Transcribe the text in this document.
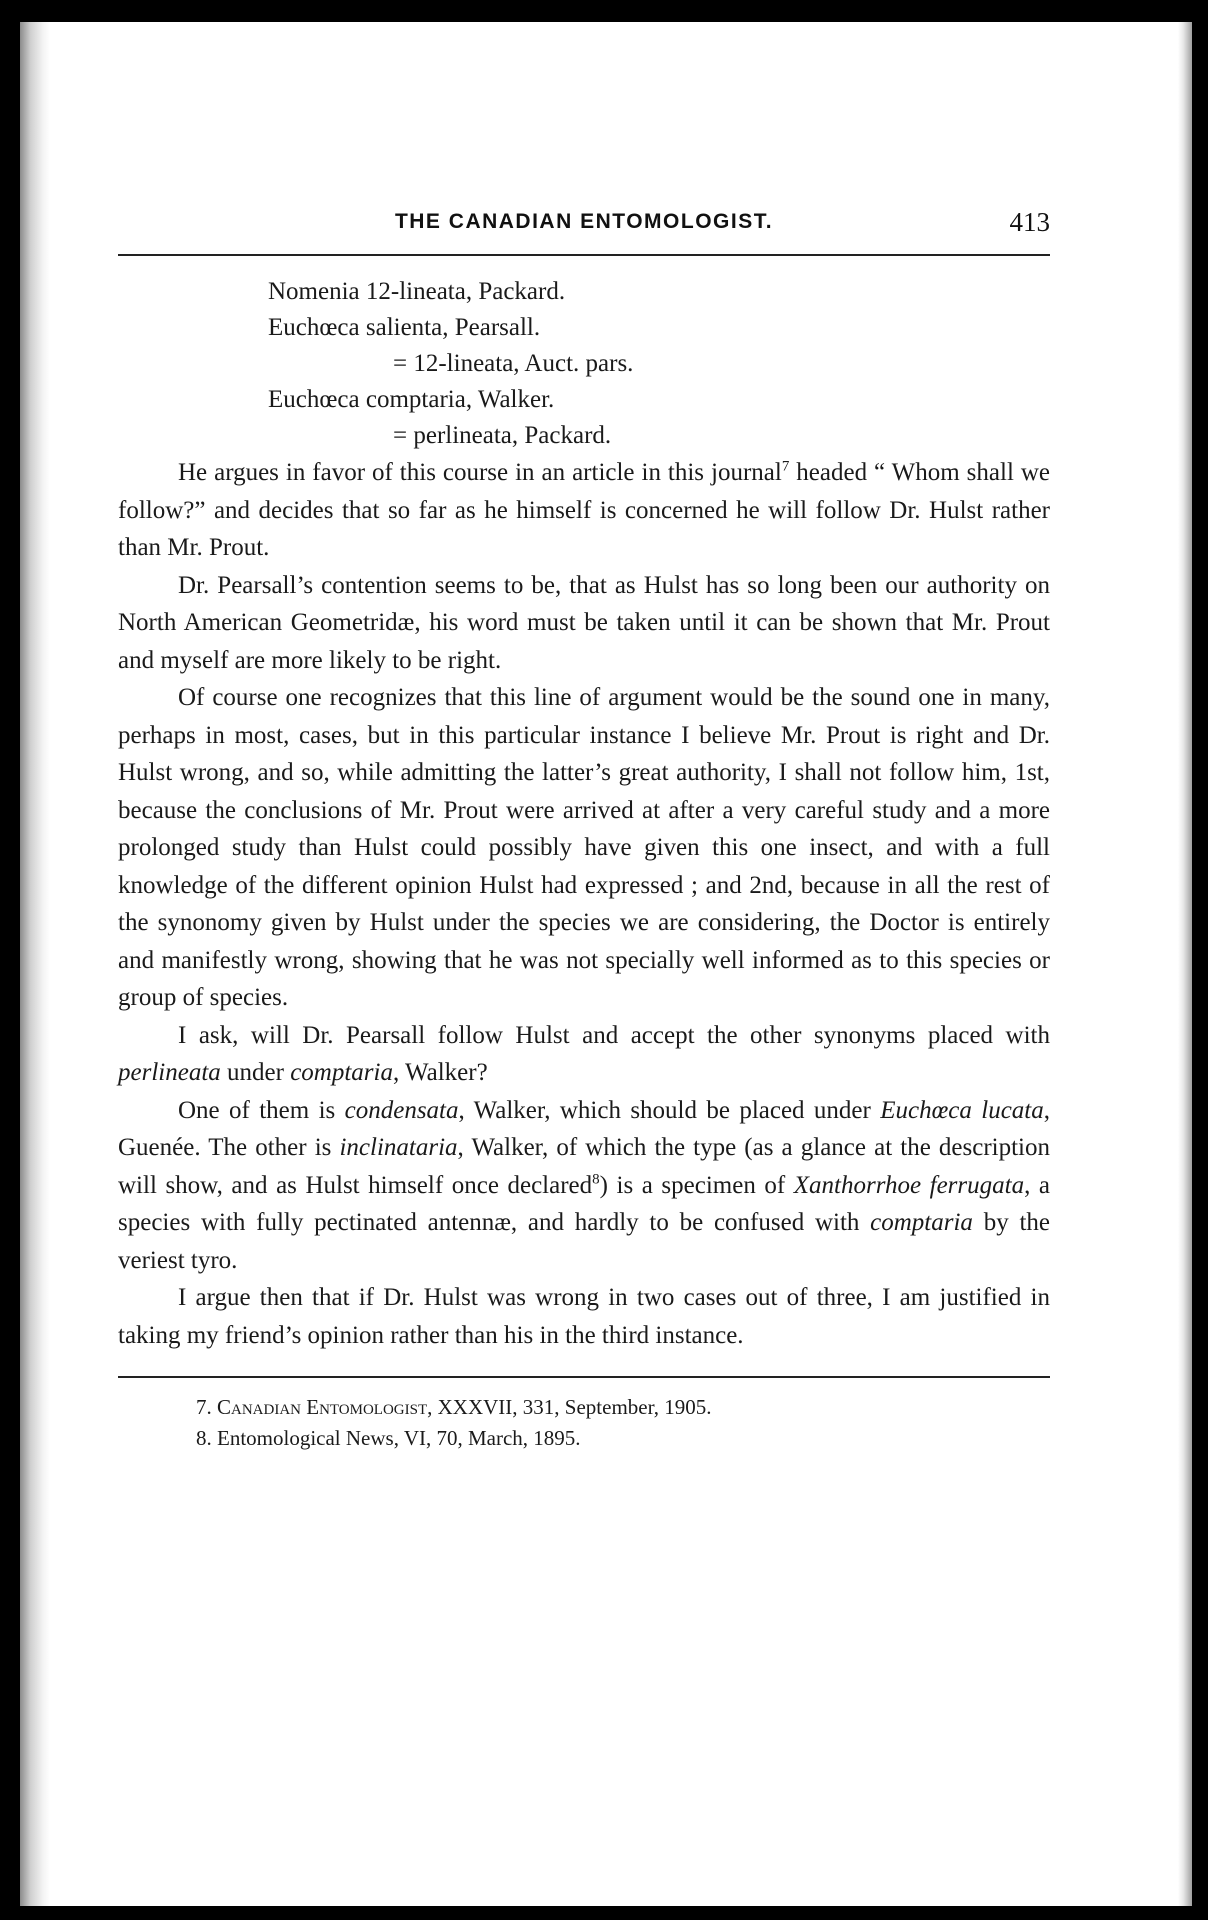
THE CANADIAN ENTOMOLOGIST.	413
Nomenia 12-lineata, Packard.
Euchœca salienta, Pearsall.
= 12-lineata, Auct. pars.
Euchœca comptaria, Walker.
= perlineata, Packard.

He argues in favor of this course in an article in this journal$^7$ headed “ Whom shall we follow?” and decides that so far as he himself is concerned he will follow Dr. Hulst rather than Mr. Prout.

Dr. Pearsall’s contention seems to be, that as Hulst has so long been our authority on North American Geometridæ, his word must be taken until it can be shown that Mr. Prout and myself are more likely to be right.

Of course one recognizes that this line of argument would be the sound one in many, perhaps in most, cases, but in this particular instance I believe Mr. Prout is right and Dr. Hulst wrong, and so, while admitting the latter’s great authority, I shall not follow him, 1st, because the conclusions of Mr. Prout were arrived at after a very careful study and a more prolonged study than Hulst could possibly have given this one insect, and with a full knowledge of the different opinion Hulst had expressed ; and 2nd, because in all the rest of the synonomy given by Hulst under the species we are considering, the Doctor is entirely and manifestly wrong, showing that he was not specially well informed as to this species or group of species.

I ask, will Dr. Pearsall follow Hulst and accept the other synonyms placed with perlineata under comptaria, Walker?

One of them is condensata, Walker, which should be placed under Euchœca lucata, Guenée. The other is inclinataria, Walker, of which the type (as a glance at the description will show, and as Hulst himself once declared$^8$) is a specimen of Xanthorrhoe ferrugata, a species with fully pectinated antennæ, and hardly to be confused with comptaria by the veriest tyro.

I argue then that if Dr. Hulst was wrong in two cases out of three, I am justified in taking my friend’s opinion rather than his in the third instance.

7. Canadian Entomologist, XXXVII, 331, September, 1905.
8. Entomological News, VI, 70, March, 1895.
